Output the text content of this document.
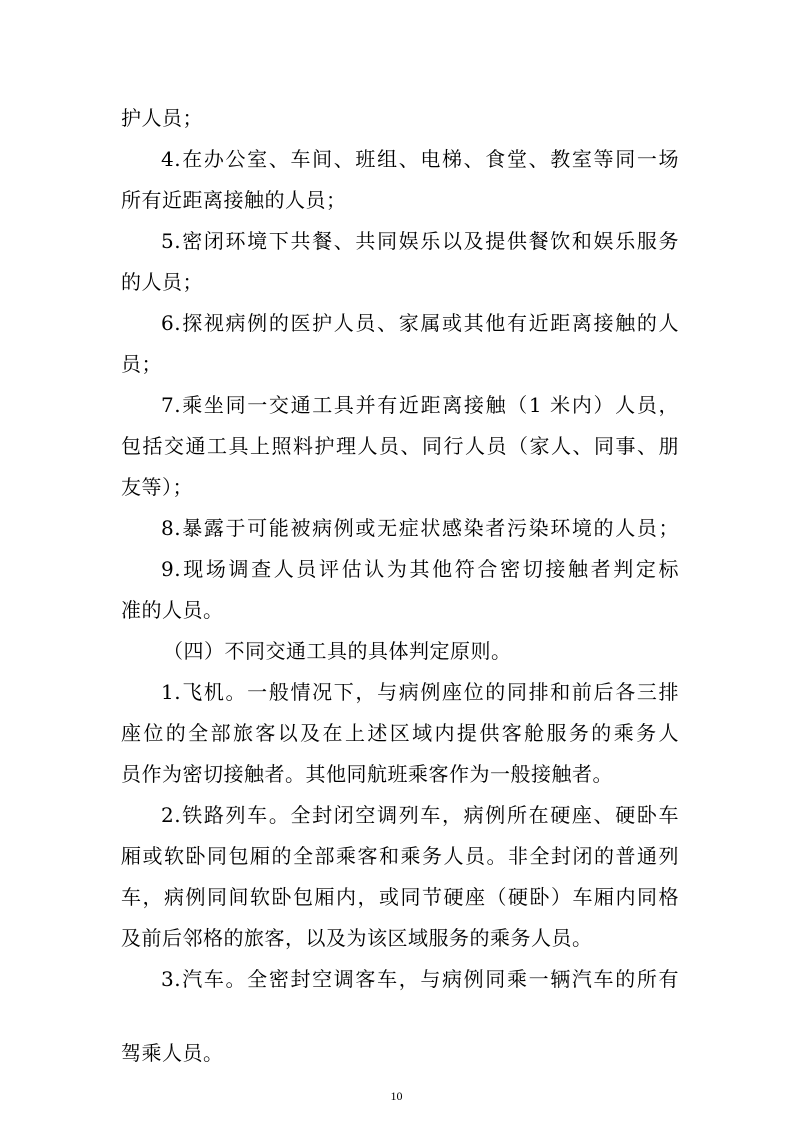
护人员；
4.在办公室、车间、班组、电梯、食堂、教室等同一场
所有近距离接触的人员；
5.密闭环境下共餐、共同娱乐以及提供餐饮和娱乐服务
的人员；
6.探视病例的医护人员、家属或其他有近距离接触的人
员；
7.乘坐同一交通工具并有近距离接触（1 米内）人员，
包括交通工具上照料护理人员、同行人员（家人、同事、朋
友等）；
8.暴露于可能被病例或无症状感染者污染环境的人员；
9.现场调查人员评估认为其他符合密切接触者判定标
准的人员。
（四）不同交通工具的具体判定原则。
1.飞机。一般情况下，与病例座位的同排和前后各三排
座位的全部旅客以及在上述区域内提供客舱服务的乘务人
员作为密切接触者。其他同航班乘客作为一般接触者。
2.铁路列车。全封闭空调列车，病例所在硬座、硬卧车
厢或软卧同包厢的全部乘客和乘务人员。非全封闭的普通列
车，病例同间软卧包厢内，或同节硬座（硬卧）车厢内同格
及前后邻格的旅客，以及为该区域服务的乘务人员。
3.汽车。全密封空调客车，与病例同乘一辆汽车的所有
驾乘人员。
10
